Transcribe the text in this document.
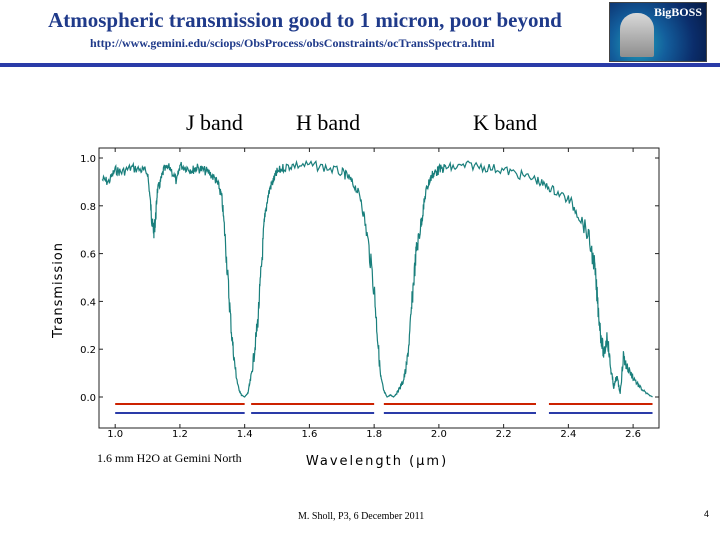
Atmospheric transmission good to 1 micron, poor beyond
http://www.gemini.edu/sciops/ObsProcess/obsConstraints/ocTransSpectra.html
BigBOSS
J band H band	K band
0.0
0.2
0.4
0.6
0.8
1.0
1.0	1.2	1.4	1.6	1.8	2.0	2.2	2.4	2.6
Transmission
Wavelength (μm)
1.6 mm H2O at Gemini North
M. Sholl, P3, 6 December 2011	4
